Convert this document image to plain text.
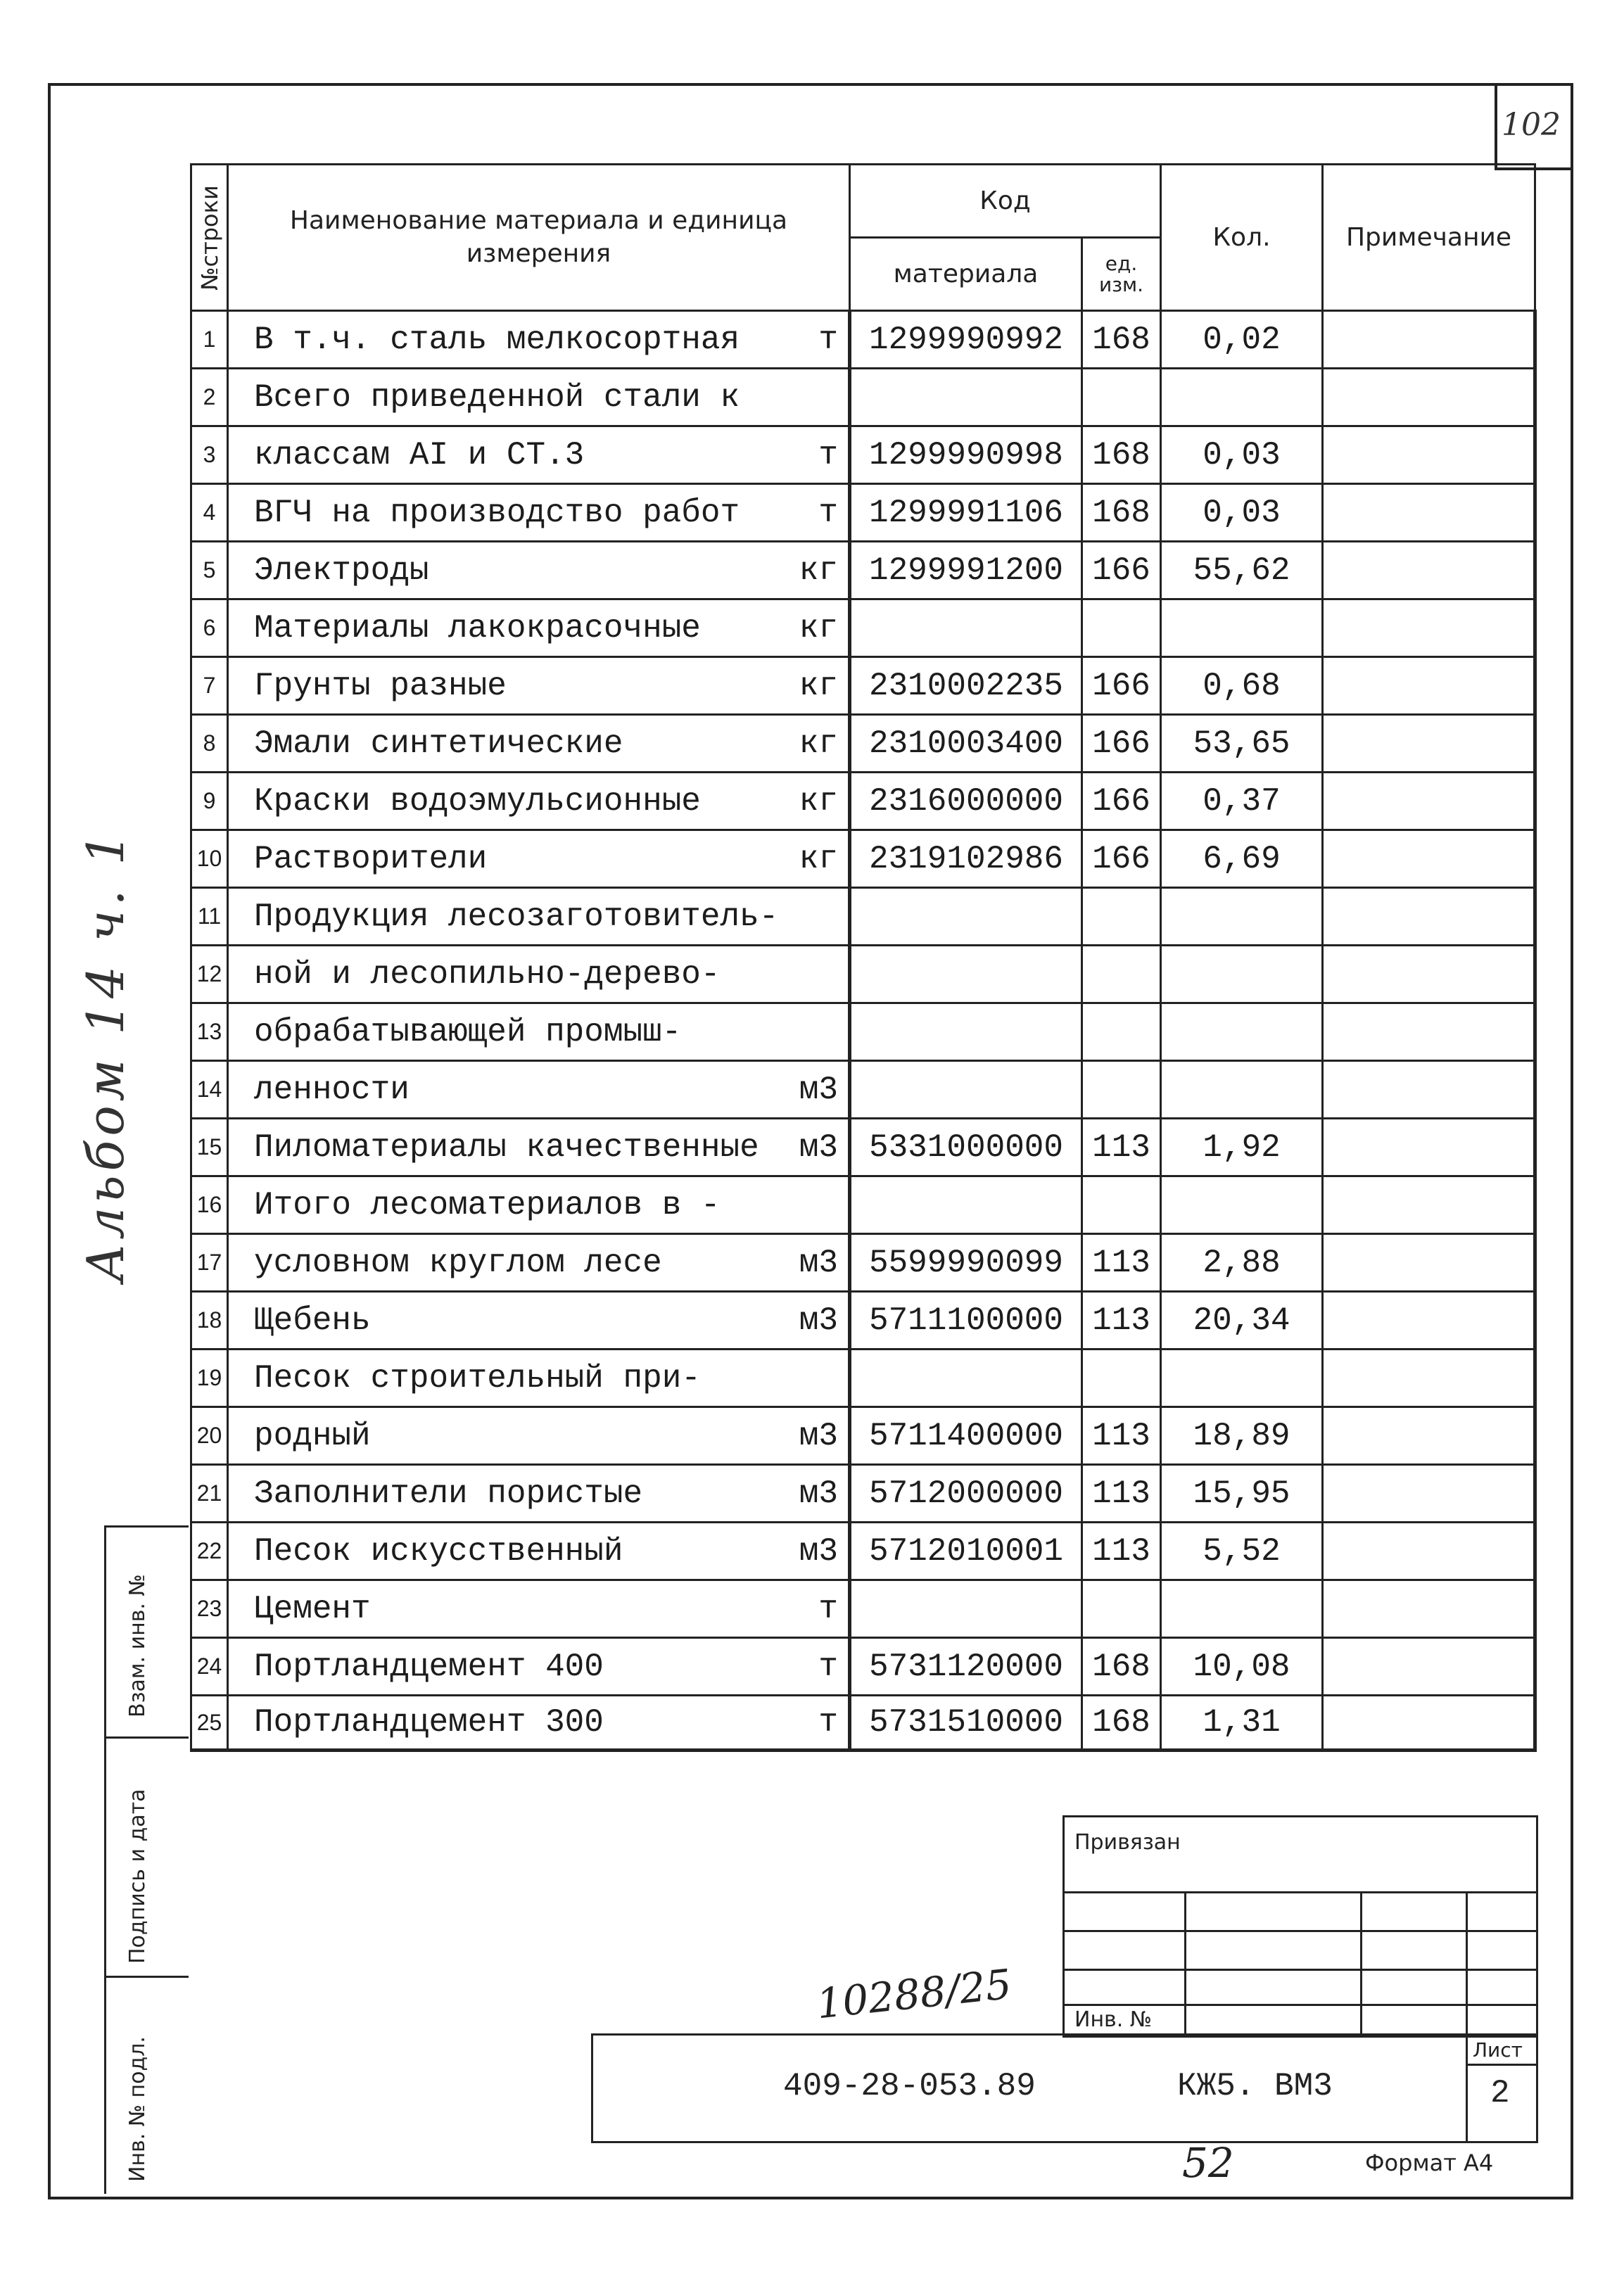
102
Альбом 14 ч. 1
№строки	Наименование материала и единица измерения	Код		Кол.	Примечание
		материала	ед. изм.		
1	В т.ч. сталь мелкосортная т	1299990992	168	0,02	
2	Всего приведенной стали к

3	классам АI и СТ.3 т	1299990998	168	0,03	
4	ВГЧ на производство работ т	1299991106	168	0,03	
5	Электроды кг	1299991200	166	55,62	
6	Материалы лакокрасочные кг				

7	Грунты разные кг	2310002235	166	0,68	
8	Эмали синтетические кг	2310003400	166	53,65	
9	Краски водоэмульсионные кг	2316000000	166	0,37	
10	Растворители кг	2319102986	166	6,69	
11	Продукция лесозаготовитель-

12	ной и лесопильно-дерево-

13	обрабатывающей промыш-

14	ленности м3				

15	Пиломатериалы качественные м3	5331000000	113	1,92	
16	Итого лесоматериалов в -

17	условном круглом лесе м3	5599990099	113	2,88	
18	Щебень м3	5711100000	113	20,34	
19	Песок строительный при-

20	родный м3	5711400000	113	18,89	
21	Заполнители пористые м3	5712000000	113	15,95	
22	Песок искусственный м3	5712010001	113	5,52	
23	Цемент т				

24	Портландцемент 400 т	5731120000	168	10,08	
25	Портландцемент 300 т	5731510000	168	1,31	
Взам. инв. №
Подпись и дата
Инв. № подл.
Привязан
Инв. №
409-28-053.89	КЖ5. ВМ3
Лист
2
10288/25
52	Формат А4
